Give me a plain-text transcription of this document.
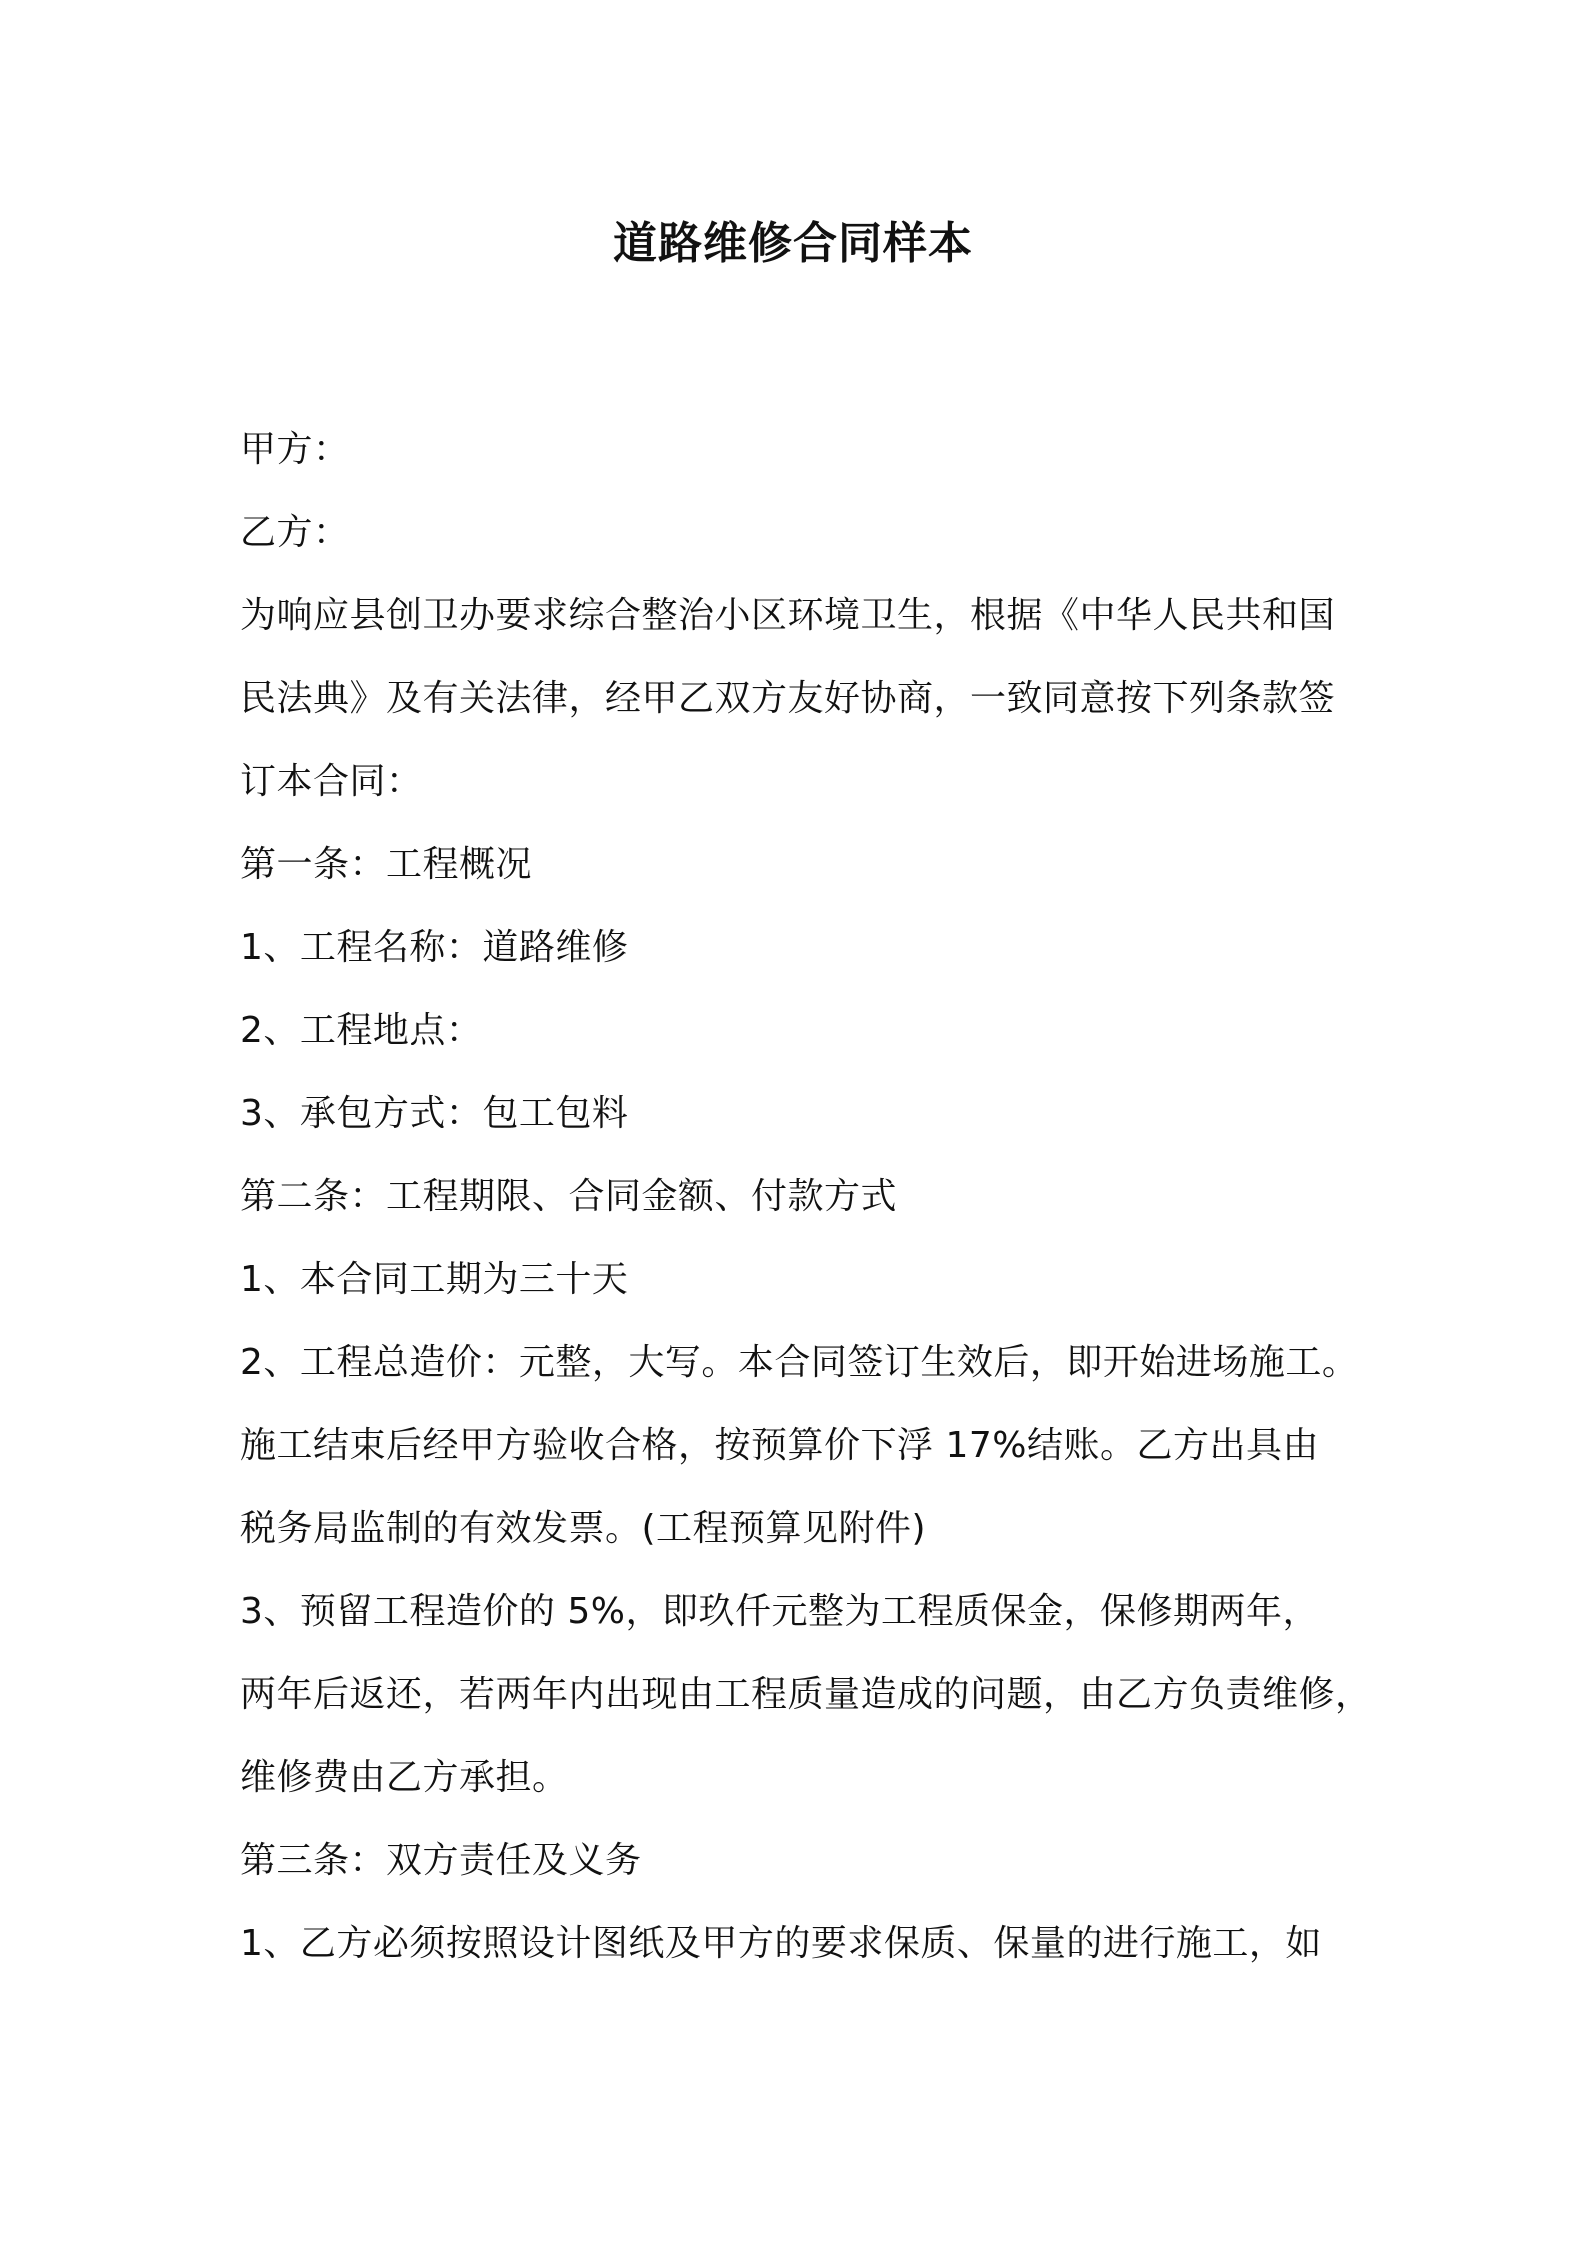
道路维修合同样本
甲方：
乙方：
为响应县创卫办要求综合整治小区环境卫生，根据《中华人民共和国
民法典》及有关法律，经甲乙双方友好协商，一致同意按下列条款签
订本合同：
第一条：工程概况
1、工程名称：道路维修
2、工程地点：
3、承包方式：包工包料
第二条：工程期限、合同金额、付款方式
1、本合同工期为三十天
2、工程总造价：元整，大写。本合同签订生效后，即开始进场施工。
施工结束后经甲方验收合格，按预算价下浮 17%结账。乙方出具由
税务局监制的有效发票。(工程预算见附件)
3、预留工程造价的 5%，即玖仟元整为工程质保金，保修期两年，
两年后返还，若两年内出现由工程质量造成的问题，由乙方负责维修，
维修费由乙方承担。
第三条：双方责任及义务
1、乙方必须按照设计图纸及甲方的要求保质、保量的进行施工，如
